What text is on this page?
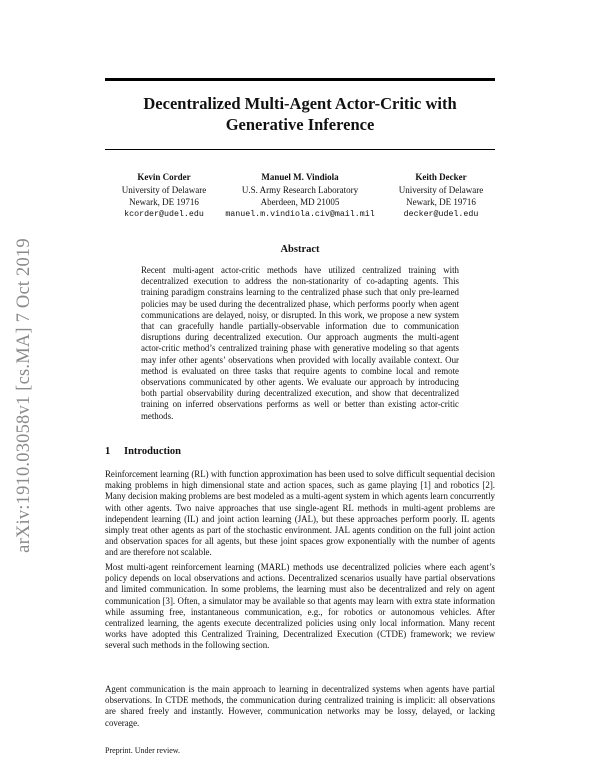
arXiv:1910.03058v1 [cs.MA] 7 Oct 2019
Decentralized Multi-Agent Actor-Critic with
Generative Inference
Kevin Corder
University of Delaware
Newark, DE 19716
kcorder@udel.edu
Manuel M. Vindiola
U.S. Army Research Laboratory
Aberdeen, MD 21005
manuel.m.vindiola.civ@mail.mil
Keith Decker
University of Delaware
Newark, DE 19716
decker@udel.edu
Abstract

Recent multi-agent actor-critic methods have utilized centralized training with decentralized execution to address the non-stationarity of co-adapting agents. This training paradigm constrains learning to the centralized phase such that only pre-learned policies may be used during the decentralized phase, which performs poorly when agent communications are delayed, noisy, or disrupted. In this work, we propose a new system that can gracefully handle partially-observable information due to communication disruptions during decentralized execution. Our approach augments the multi-agent actor-critic method’s centralized training phase with generative modeling so that agents may infer other agents’ observations when provided with locally available context. Our method is evaluated on three tasks that require agents to combine local and remote observations communicated by other agents. We evaluate our approach by introducing both partial observability during decentralized execution, and show that decentralized training on inferred observations performs as well or better than existing actor-critic methods.

1 Introduction

Reinforcement learning (RL) with function approximation has been used to solve difficult sequential decision making problems in high dimensional state and action spaces, such as game playing [1] and robotics [2]. Many decision making problems are best modeled as a multi-agent system in which agents learn concurrently with other agents. Two naive approaches that use single-agent RL methods in multi-agent problems are independent learning (IL) and joint action learning (JAL), but these approaches perform poorly. IL agents simply treat other agents as part of the stochastic environment. JAL agents condition on the full joint action and observation spaces for all agents, but these joint spaces grow exponentially with the number of agents and are therefore not scalable.

Most multi-agent reinforcement learning (MARL) methods use decentralized policies where each agent’s policy depends on local observations and actions. Decentralized scenarios usually have partial observations and limited communication. In some problems, the learning must also be decentralized and rely on agent communication [3]. Often, a simulator may be available so that agents may learn with extra state information while assuming free, instantaneous communication, e.g., for robotics or autonomous vehicles. After centralized learning, the agents execute decentralized policies using only local information. Many recent works have adopted this Centralized Training, Decentralized Execution (CTDE) framework; we review several such methods in the following section.

Agent communication is the main approach to learning in decentralized systems when agents have partial observations. In CTDE methods, the communication during centralized training is implicit: all observations are shared freely and instantly. However, communication networks may be lossy, delayed, or lacking coverage.

Preprint. Under review.
